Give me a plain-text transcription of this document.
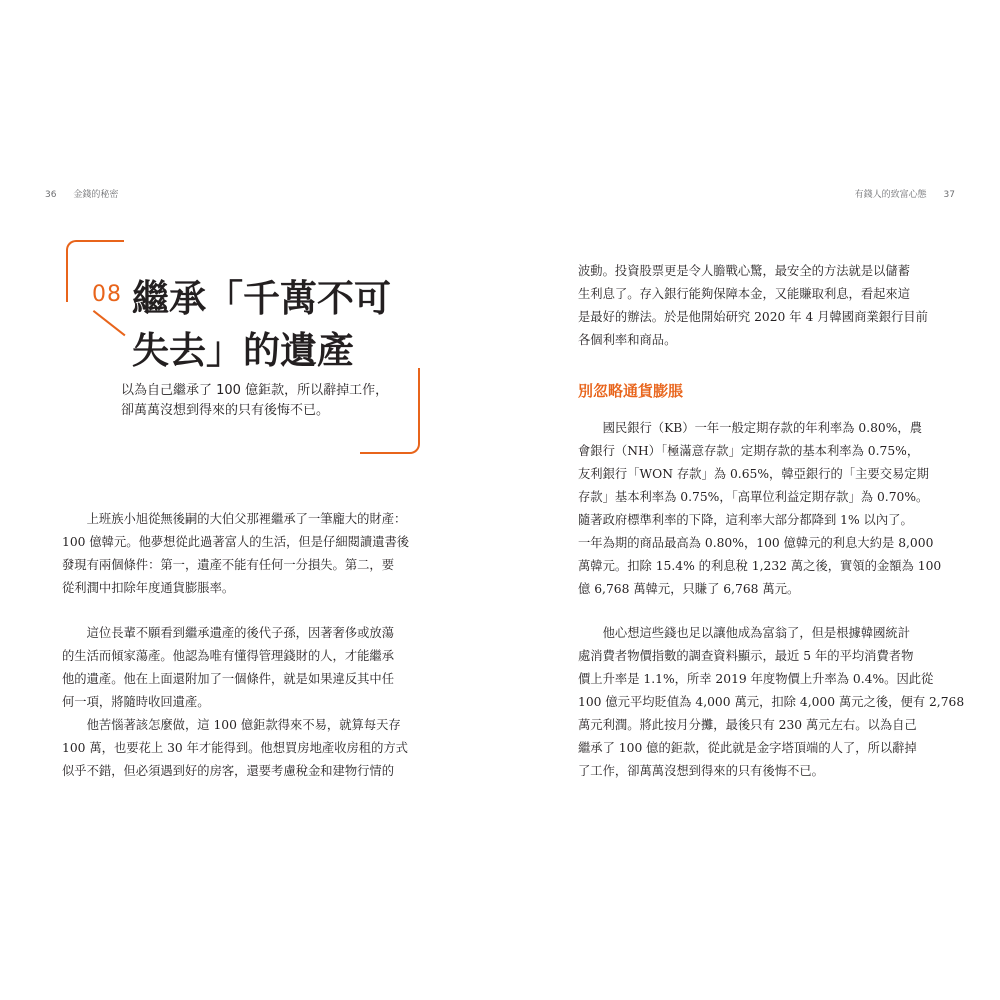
36 金錢的秘密
08 繼承「千萬不可
失去」的遺產

以為自己繼承了 100 億鉅款，所以辭掉工作，
卻萬萬沒想到得來的只有後悔不已。

　　上班族小旭從無後嗣的大伯父那裡繼承了一筆龐大的財產：
100 億韓元。他夢想從此過著富人的生活，但是仔細閱讀遺書後
發現有兩個條件：第一，遺產不能有任何一分損失。第二，要
從利潤中扣除年度通貨膨脹率。

　　這位長輩不願看到繼承遺產的後代子孫，因著奢侈或放蕩
的生活而傾家蕩產。他認為唯有懂得管理錢財的人，才能繼承
他的遺產。他在上面還附加了一個條件，就是如果違反其中任
何一項，將隨時收回遺產。
　　他苦惱著該怎麼做，這 100 億鉅款得來不易，就算每天存
100 萬，也要花上 30 年才能得到。他想買房地產收房租的方式
似乎不錯，但必須遇到好的房客，還要考慮稅金和建物行情的

有錢人的致富心態 37

波動。投資股票更是令人膽戰心驚，最安全的方法就是以儲蓄
生利息了。存入銀行能夠保障本金，又能賺取利息，看起來這
是最好的辦法。於是他開始研究 2020 年 4 月韓國商業銀行目前
各個利率和商品。

別忽略通貨膨脹

　　國民銀行（KB）一年一般定期存款的年利率為 0.80%，農
會銀行（NH）「極滿意存款」定期存款的基本利率為 0.75%，
友利銀行「WON 存款」為 0.65%，韓亞銀行的「主要交易定期
存款」基本利率為 0.75%，「高單位利益定期存款」為 0.70%。
隨著政府標準利率的下降，這利率大部分都降到 1% 以內了。
一年為期的商品最高為 0.80%，100 億韓元的利息大約是 8,000
萬韓元。扣除 15.4% 的利息稅 1,232 萬之後，實領的金額為 100
億 6,768 萬韓元，只賺了 6,768 萬元。

　　他心想這些錢也足以讓他成為富翁了，但是根據韓國統計
處消費者物價指數的調查資料顯示，最近 5 年的平均消費者物
價上升率是 1.1%，所幸 2019 年度物價上升率為 0.4%。因此從
100 億元平均貶值為 4,000 萬元，扣除 4,000 萬元之後，便有 2,768
萬元利潤。將此按月分攤，最後只有 230 萬元左右。以為自己
繼承了 100 億的鉅款，從此就是金字塔頂端的人了，所以辭掉
了工作，卻萬萬沒想到得來的只有後悔不已。
